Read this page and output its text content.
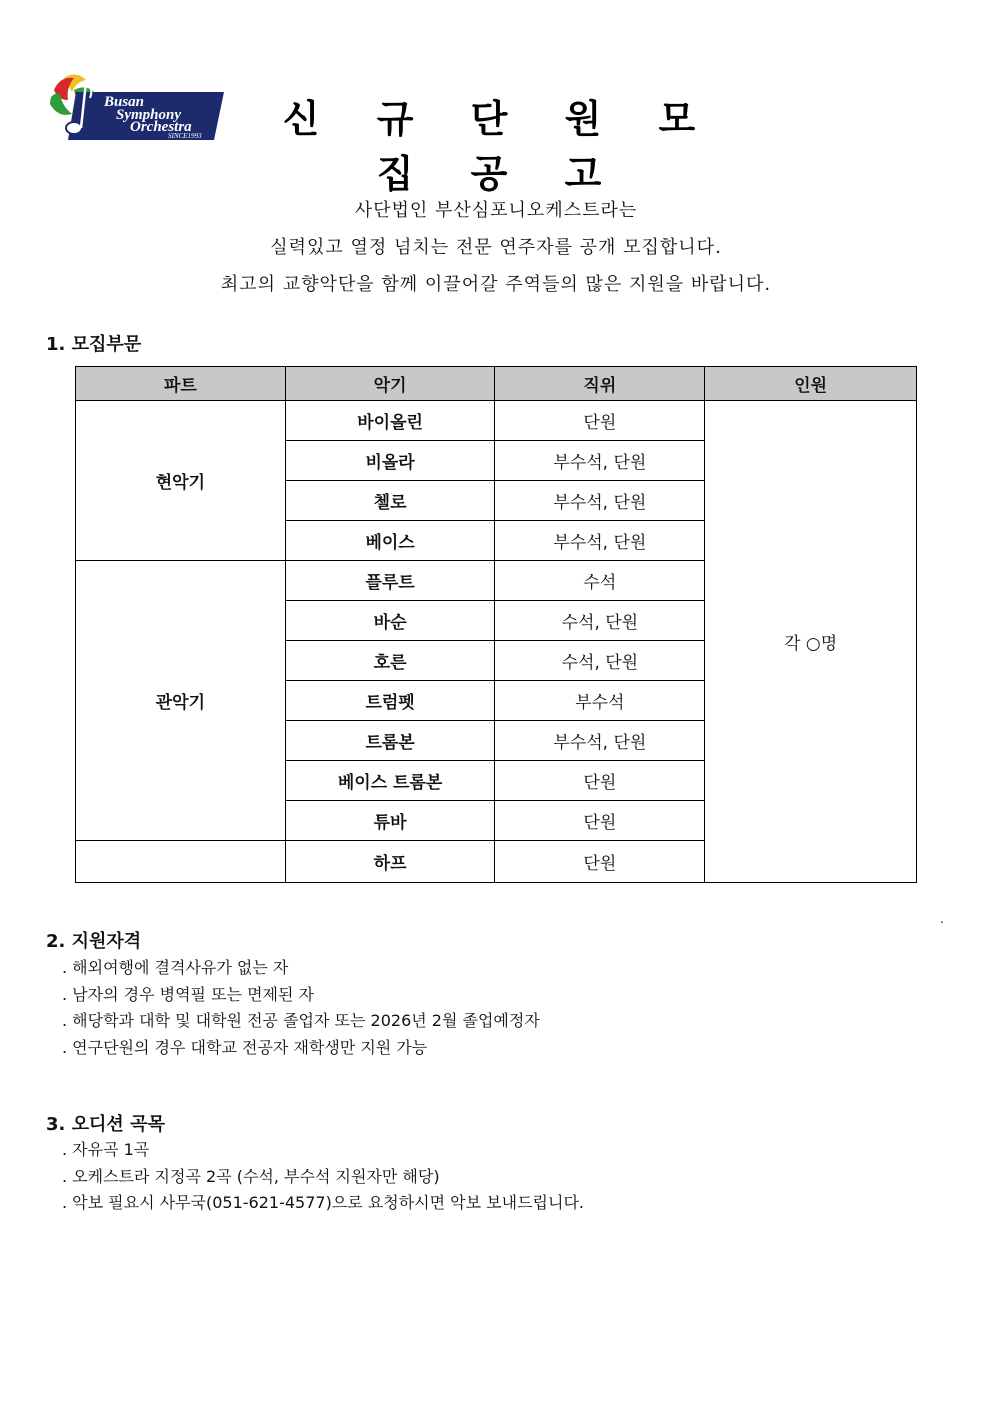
Busan
Symphony
Orchestra
SINCE1993	신 규 단 원 모 집 공 고
사단법인 부산심포니오케스트라는
실력있고 열정 넘치는 전문 연주자를 공개 모집합니다.
최고의 교향악단을 함께 이끌어갈 주역들의 많은 지원을 바랍니다.
1. 모집부문
파트	악기	직위	인원
현악기	바이올린	단원	각 ○명
	비올라	부수석, 단원	
	첼로	부수석, 단원	
	베이스	부수석, 단원	
관악기	플루트	수석	
	바순	수석, 단원	
	호른	수석, 단원	
	트럼펫	부수석	
	트롬본	부수석, 단원	
	베이스 트롬본	단원	
	튜바	단원	
	하프	단원	
.
2. 지원자격
. 해외여행에 결격사유가 없는 자
. 남자의 경우 병역필 또는 면제된 자
. 해당학과 대학 및 대학원 전공 졸업자 또는 2026년 2월 졸업예정자
. 연구단원의 경우 대학교 전공자 재학생만 지원 가능
3. 오디션 곡목
. 자유곡 1곡
. 오케스트라 지정곡 2곡 (수석, 부수석 지원자만 해당)
. 악보 필요시 사무국(051-621-4577)으로 요청하시면 악보 보내드립니다.
